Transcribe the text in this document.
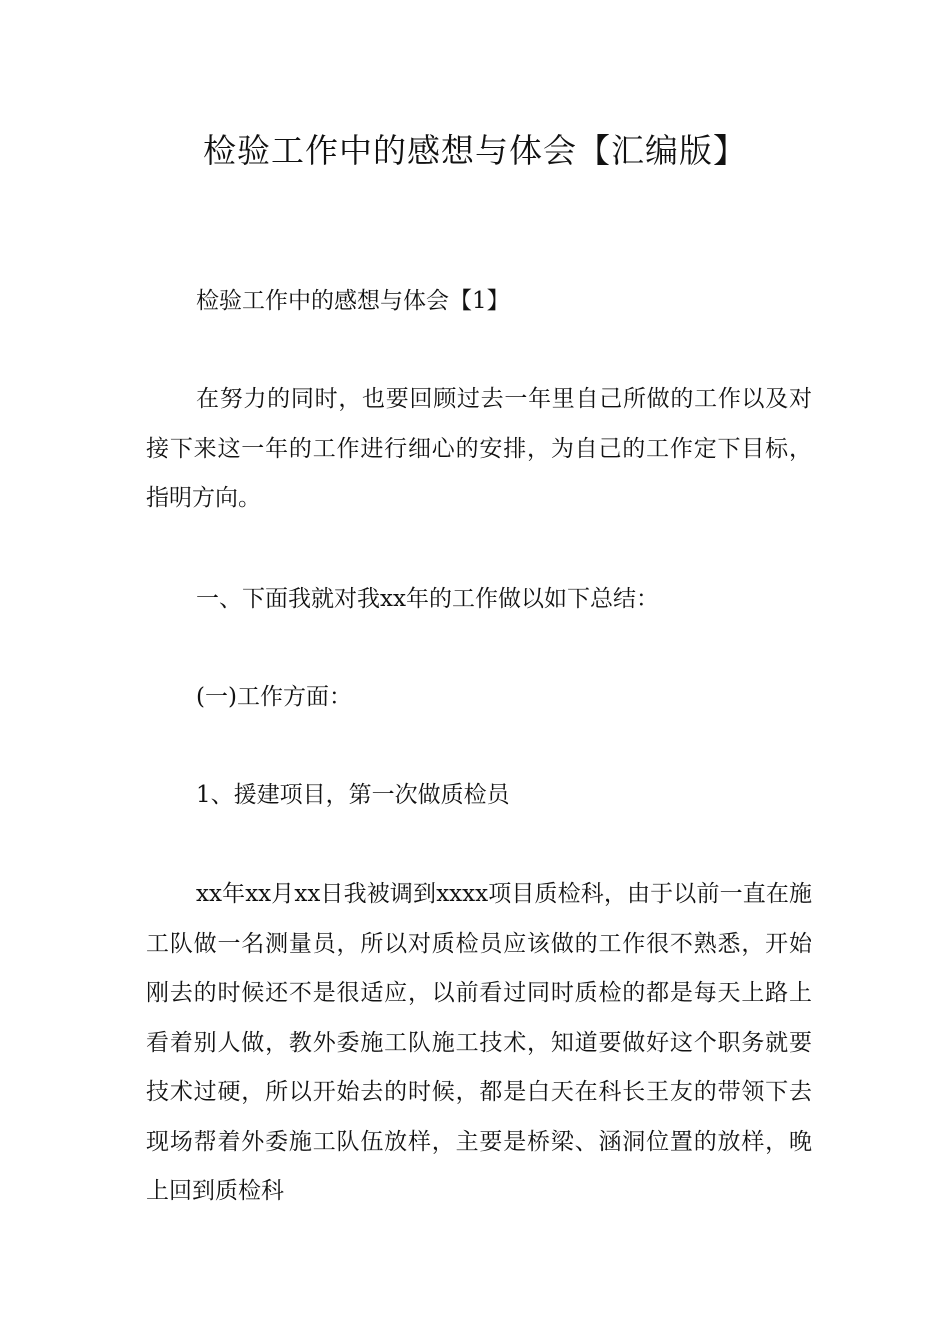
检验工作中的感想与体会【汇编版】

检验工作中的感想与体会【1】

在努力的同时，也要回顾过去一年里自己所做的工作以及对接下来这一年的工作进行细心的安排，为自己的工作定下目标，指明方向。

一、下面我就对我xx年的工作做以如下总结：

(一)工作方面：

1、援建项目，第一次做质检员

xx年xx月xx日我被调到xxxx项目质检科，由于以前一直在施工队做一名测量员，所以对质检员应该做的工作很不熟悉，开始刚去的时候还不是很适应，以前看过同时质检的都是每天上路上看着别人做，教外委施工队施工技术，知道要做好这个职务就要技术过硬，所以开始去的时候，都是白天在科长王友的带领下去现场帮着外委施工队伍放样，主要是桥梁、涵洞位置的放样，晚上回到质检科
